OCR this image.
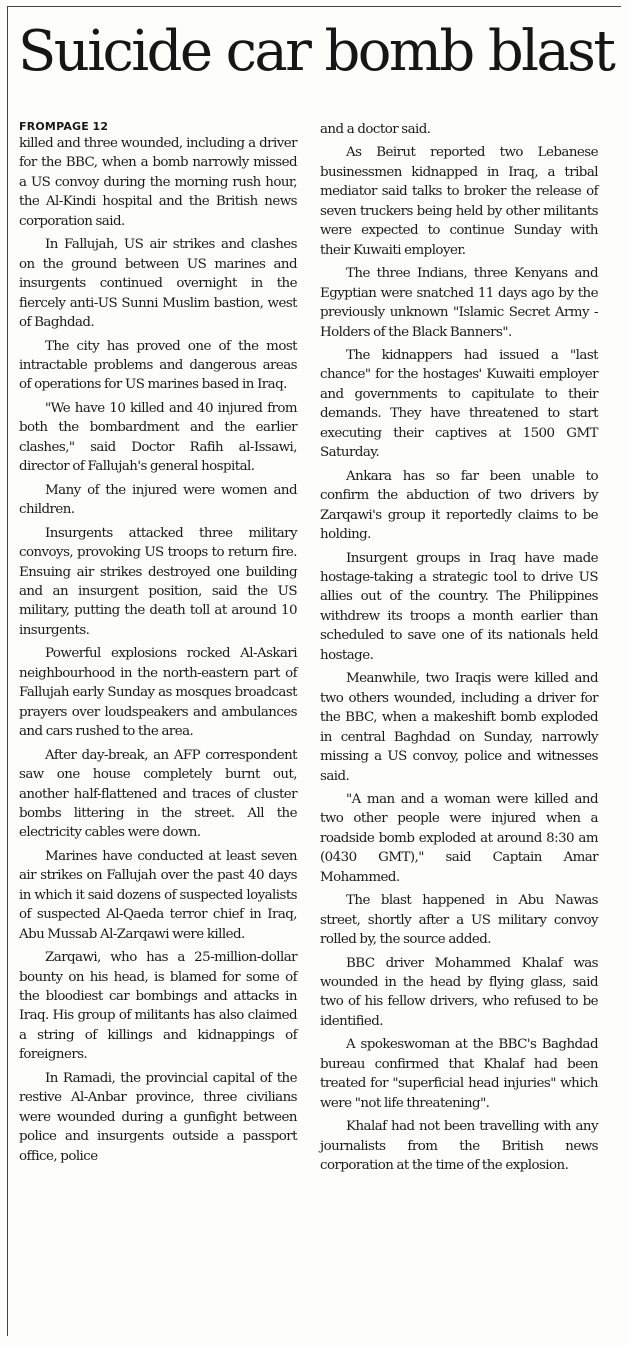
Suicide car bomb blast
FROMPAGE 12

killed and three wounded, including a driver for the BBC, when a bomb narrowly missed a US convoy during the morning rush hour, the Al-Kindi hospital and the British news corporation said.

In Fallujah, US air strikes and clashes on the ground between US marines and insurgents continued overnight in the fiercely anti-US Sunni Muslim bastion, west of Baghdad.

The city has proved one of the most intractable problems and dangerous areas of operations for US marines based in Iraq.

"We have 10 killed and 40 injured from both the bombardment and the earlier clashes," said Doctor Rafih al-Issawi, director of Fallujah's general hospital.

Many of the injured were women and children.

Insurgents attacked three military convoys, provoking US troops to return fire. Ensuing air strikes destroyed one building and an insurgent position, said the US military, putting the death toll at around 10 insurgents.

Powerful explosions rocked Al-Askari neighbourhood in the north-eastern part of Fallujah early Sunday as mosques broadcast prayers over loudspeakers and ambulances and cars rushed to the area.

After day-break, an AFP correspondent saw one house completely burnt out, another half-flattened and traces of cluster bombs littering in the street. All the electricity cables were down.

Marines have conducted at least seven air strikes on Fallujah over the past 40 days in which it said dozens of suspected loyalists of suspected Al-Qaeda terror chief in Iraq, Abu Mussab Al-Zarqawi were killed.

Zarqawi, who has a 25-million-dollar bounty on his head, is blamed for some of the bloodiest car bombings and attacks in Iraq. His group of militants has also claimed a string of killings and kidnappings of foreigners.

In Ramadi, the provincial capital of the restive Al-Anbar province, three civilians were wounded during a gunfight between police and insurgents outside a passport office, police

and a doctor said.

As Beirut reported two Lebanese businessmen kidnapped in Iraq, a tribal mediator said talks to broker the release of seven truckers being held by other militants were expected to continue Sunday with their Kuwaiti employer.

The three Indians, three Kenyans and Egyptian were snatched 11 days ago by the previously unknown "Islamic Secret Army - Holders of the Black Banners".

The kidnappers had issued a "last chance" for the hostages' Kuwaiti employer and governments to capitulate to their demands. They have threatened to start executing their captives at 1500 GMT Saturday.

Ankara has so far been unable to confirm the abduction of two drivers by Zarqawi's group it reportedly claims to be holding.

Insurgent groups in Iraq have made hostage-taking a strategic tool to drive US allies out of the country. The Philippines withdrew its troops a month earlier than scheduled to save one of its nationals held hostage.

Meanwhile, two Iraqis were killed and two others wounded, including a driver for the BBC, when a makeshift bomb exploded in central Baghdad on Sunday, narrowly missing a US convoy, police and witnesses said.

"A man and a woman were killed and two other people were injured when a roadside bomb exploded at around 8:30 am (0430 GMT)," said Captain Amar Mohammed.

The blast happened in Abu Nawas street, shortly after a US military convoy rolled by, the source added.

BBC driver Mohammed Khalaf was wounded in the head by flying glass, said two of his fellow drivers, who refused to be identified.

A spokeswoman at the BBC's Baghdad bureau confirmed that Khalaf had been treated for "superficial head injuries" which were "not life threatening".

Khalaf had not been travelling with any journalists from the British news corporation at the time of the explosion.
